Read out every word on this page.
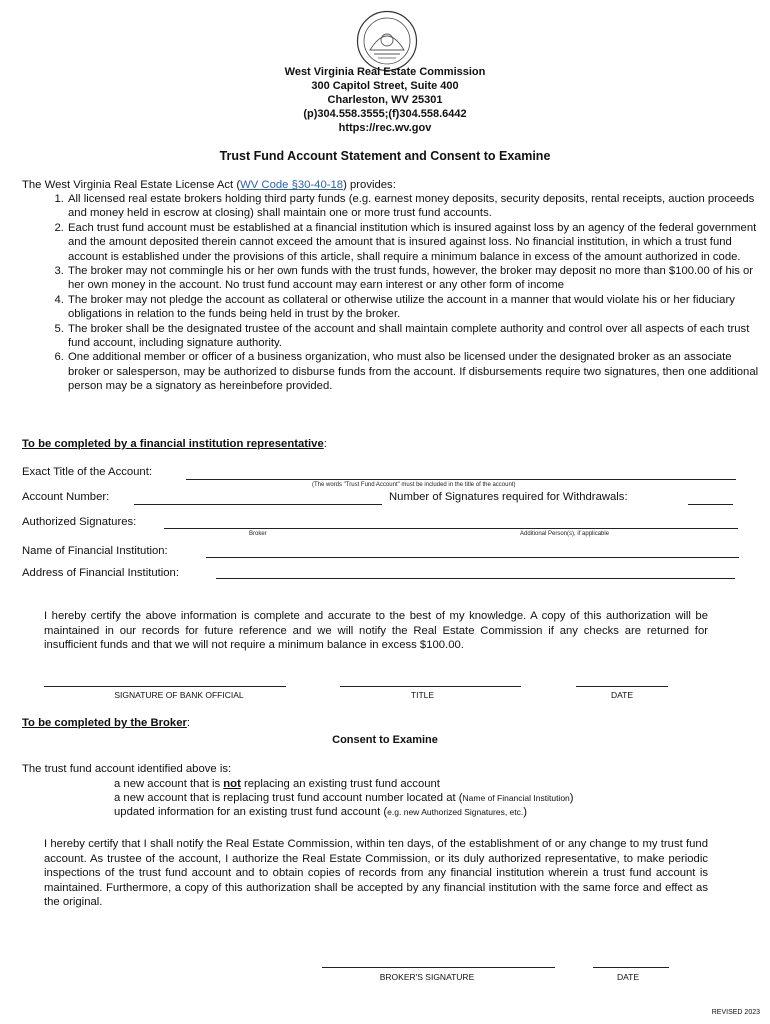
West Virginia Real Estate Commission
300 Capitol Street, Suite 400
Charleston, WV 25301
(p)304.558.3555;(f)304.558.6442
https://rec.wv.gov
Trust Fund Account Statement and Consent to Examine
The West Virginia Real Estate License Act (WV Code §30-40-18) provides:
1. All licensed real estate brokers holding third party funds (e.g. earnest money deposits, security deposits, rental receipts, auction proceeds and money held in escrow at closing) shall maintain one or more trust fund accounts.
2. Each trust fund account must be established at a financial institution which is insured against loss by an agency of the federal government and the amount deposited therein cannot exceed the amount that is insured against loss. No financial institution, in which a trust fund account is established under the provisions of this article, shall require a minimum balance in excess of the amount authorized in code.
3. The broker may not commingle his or her own funds with the trust funds, however, the broker may deposit no more than $100.00 of his or her own money in the account. No trust fund account may earn interest or any other form of income
4. The broker may not pledge the account as collateral or otherwise utilize the account in a manner that would violate his or her fiduciary obligations in relation to the funds being held in trust by the broker.
5. The broker shall be the designated trustee of the account and shall maintain complete authority and control over all aspects of each trust fund account, including signature authority.
6. One additional member or officer of a business organization, who must also be licensed under the designated broker as an associate broker or salesperson, may be authorized to disburse funds from the account. If disbursements require two signatures, then one additional person may be a signatory as hereinbefore provided.
To be completed by a financial institution representative:
Exact Title of the Account:
(The words "Trust Fund Account" must be included in the title of the account)
Account Number:	Number of Signatures required for Withdrawals:
Authorized Signatures:
Broker	Additional Person(s), if applicable
Name of Financial Institution:
Address of Financial Institution:
I hereby certify the above information is complete and accurate to the best of my knowledge. A copy of this authorization will be maintained in our records for future reference and we will notify the Real Estate Commission if any checks are returned for insufficient funds and that we will not require a minimum balance in excess $100.00.
SIGNATURE OF BANK OFFICIAL	TITLE	DATE
To be completed by the Broker:
Consent to Examine
The trust fund account identified above is:
a new account that is not replacing an existing trust fund account
a new account that is replacing trust fund account number located at (Name of Financial Institution)
updated information for an existing trust fund account (e.g. new Authorized Signatures, etc.)
I hereby certify that I shall notify the Real Estate Commission, within ten days, of the establishment of or any change to my trust fund account. As trustee of the account, I authorize the Real Estate Commission, or its duly authorized representative, to make periodic inspections of the trust fund account and to obtain copies of records from any financial institution wherein a trust fund account is maintained. Furthermore, a copy of this authorization shall be accepted by any financial institution with the same force and effect as the original.
BROKER'S SIGNATURE	DATE
REVISED 2023
